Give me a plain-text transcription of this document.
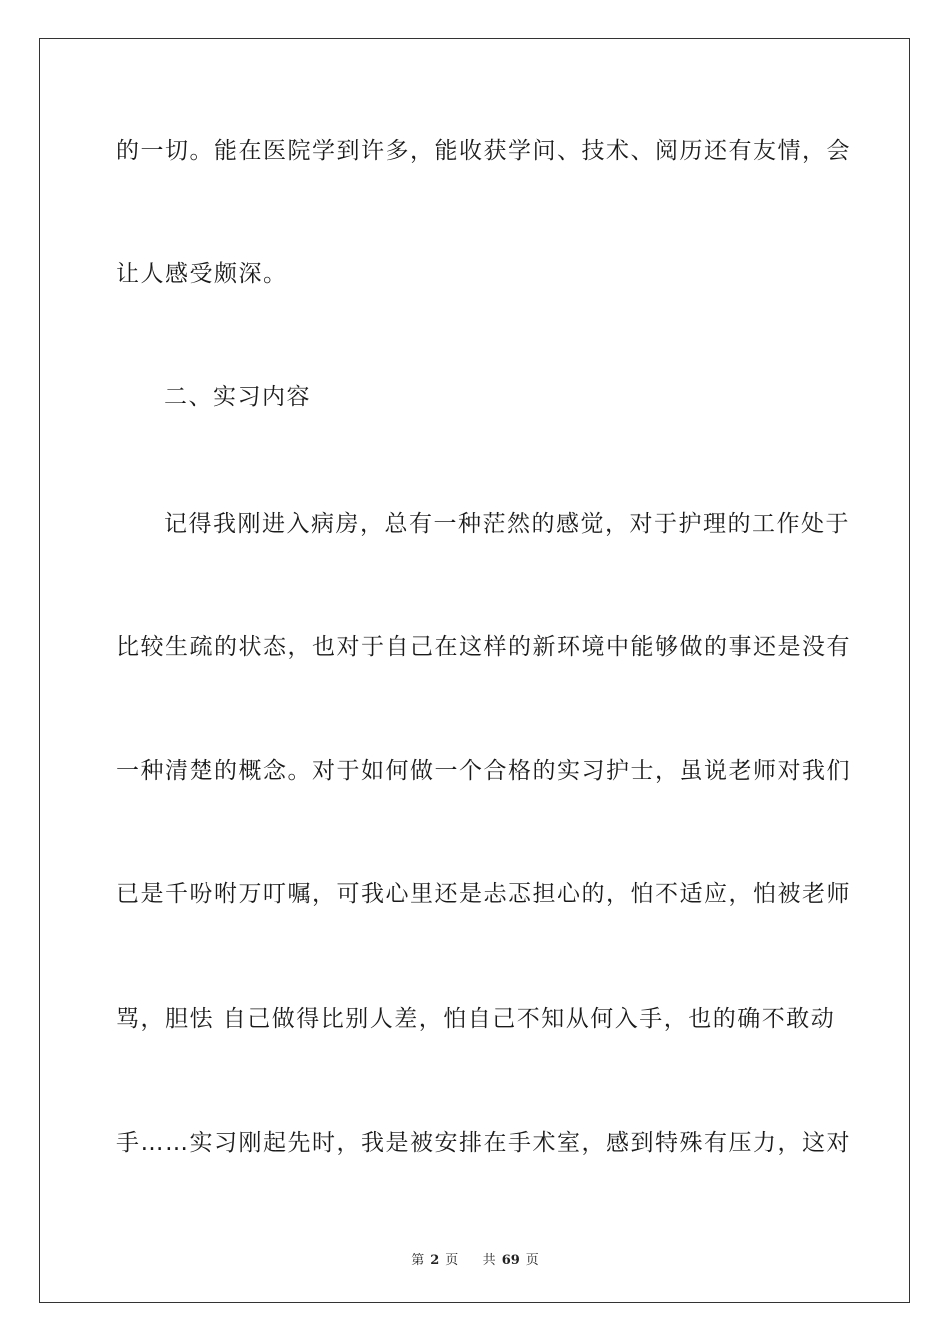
的一切。能在医院学到许多，能收获学问、技术、阅历还有友情，会
让人感受颇深。
二、实习内容
记得我刚进入病房，总有一种茫然的感觉，对于护理的工作处于
比较生疏的状态，也对于自己在这样的新环境中能够做的事还是没有
一种清楚的概念。对于如何做一个合格的实习护士，虽说老师对我们
已是千吩咐万叮嘱，可我心里还是忐忑担心的，怕不适应，怕被老师
骂，胆怯 自己做得比别人差，怕自己不知从何入手，也的确不敢动
手……实习刚起先时，我是被安排在手术室，感到特殊有压力，这对
第 2 页 共 69 页
